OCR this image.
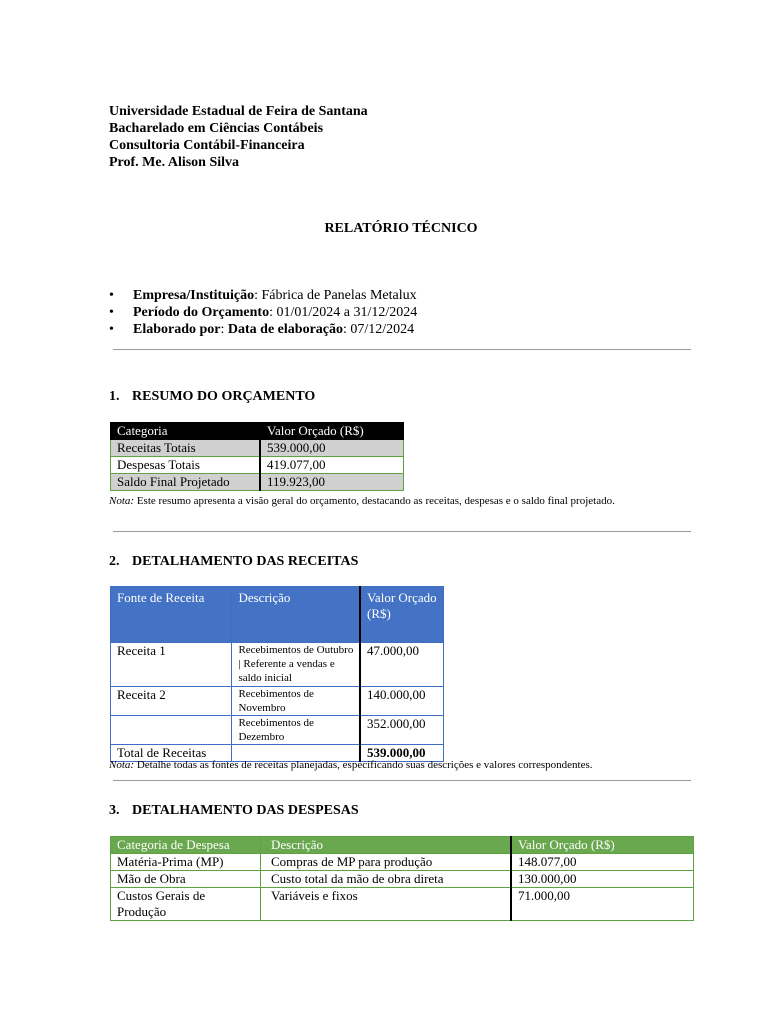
Universidade Estadual de Feira de Santana
Bacharelado em Ciências Contábeis
Consultoria Contábil-Financeira
Prof. Me. Alison Silva
RELATÓRIO TÉCNICO
• Empresa/Instituição: Fábrica de Panelas Metalux
• Período do Orçamento: 01/01/2024 a 31/12/2024
• Elaborado por: Data de elaboração: 07/12/2024
1. RESUMO DO ORÇAMENTO
Categoria	Valor Orçado (R$)
Receitas Totais	539.000,00
Despesas Totais	419.077,00
Saldo Final Projetado	119.923,00
Nota: Este resumo apresenta a visão geral do orçamento, destacando as receitas, despesas e o saldo final projetado.
2. DETALHAMENTO DAS RECEITAS
Fonte de Receita	Descrição	Valor Orçado (R$)
Receita 1	Recebimentos de Outubro | Referente a vendas e saldo inicial	47.000,00
Receita 2	Recebimentos de Novembro	140.000,00
	Recebimentos de Dezembro	352.000,00
Total de Receitas		539.000,00
Nota: Detalhe todas as fontes de receitas planejadas, especificando suas descrições e valores correspondentes.
3. DETALHAMENTO DAS DESPESAS
Categoria de Despesa	Descrição	Valor Orçado (R$)
Matéria-Prima (MP)	Compras de MP para produção	148.077,00
Mão de Obra	Custo total da mão de obra direta	130.000,00
Custos Gerais de Produção	Variáveis e fixos	71.000,00
